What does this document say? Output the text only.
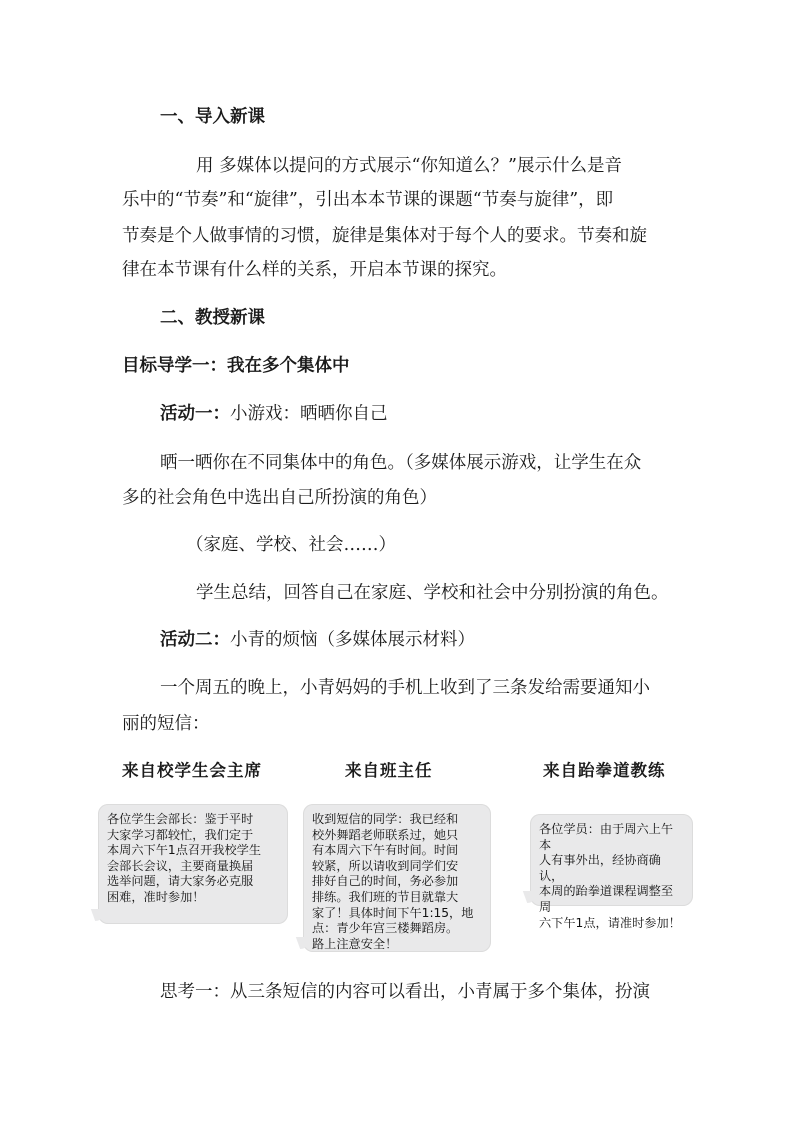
一、导入新课
用 多媒体以提问的方式展示“你知道么？”展示什么是音
乐中的“节奏”和“旋律”，引出本本节课的课题“节奏与旋律”，即
节奏是个人做事情的习惯，旋律是集体对于每个人的要求。节奏和旋
律在本节课有什么样的关系，开启本节课的探究。
二、教授新课
目标导学一：我在多个集体中
活动一：小游戏：晒晒你自己
晒一晒你在不同集体中的角色。（多媒体展示游戏，让学生在众
多的社会角色中选出自己所扮演的角色）
（家庭、学校、社会……）
学生总结，回答自己在家庭、学校和社会中分别扮演的角色。
活动二：小青的烦恼（多媒体展示材料）
一个周五的晚上，小青妈妈的手机上收到了三条发给需要通知小
丽的短信：
来自校学生会主席	来自班主任	来自跆拳道教练
各位学生会部长：鉴于平时
大家学习都较忙，我们定于
本周六下午1点召开我校学生
会部长会议，主要商量换届
选举问题，请大家务必克服
困难，准时参加！
收到短信的同学：我已经和
校外舞蹈老师联系过，她只
有本周六下午有时间。时间
较紧，所以请收到同学们安
排好自己的时间，务必参加
排练。我们班的节目就靠大
家了！具体时间下午1:15，地
点：青少年宫三楼舞蹈房。
路上注意安全！
各位学员：由于周六上午本
人有事外出，经协商确认，
本周的跆拳道课程调整至周
六下午1点，请准时参加！
思考一：从三条短信的内容可以看出，小青属于多个集体，扮演
